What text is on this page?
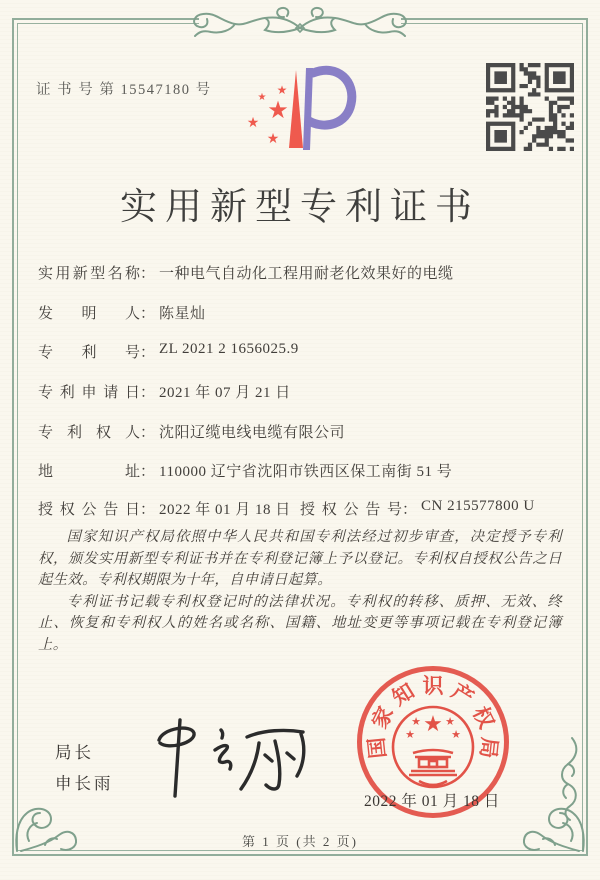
证 书 号 第 15547180 号	★
★ ★
★
★
实用新型专利证书
实用新型名称： 一种电气自动化工程用耐老化效果好的电缆
发明人： 陈星灿
专利号： ZL 2021 2 1656025.9
专利申请日： 2021 年 07 月 21 日
专利权人： 沈阳辽缆电线电缆有限公司
地址： 110000 辽宁省沈阳市铁西区保工南街 51 号
授权公告日： 2022 年 01 月 18 日 授权公告号： CN 215577800 U

国家知识产权局依照中华人民共和国专利法经过初步审查，决定授予专利权，颁发实用新型专利证书并在专利登记簿上予以登记。专利权自授权公告之日起生效。专利权期限为十年，自申请日起算。

专利证书记载专利权登记时的法律状况。专利权的转移、质押、无效、终止、恢复和专利权人的姓名或名称、国籍、地址变更等事项记载在专利登记簿上。

局长
申长雨
国
家
知 识 产
权
局
★
★ ★
★	★
2022 年 01 月 18 日
第 1 页 (共 2 页)
